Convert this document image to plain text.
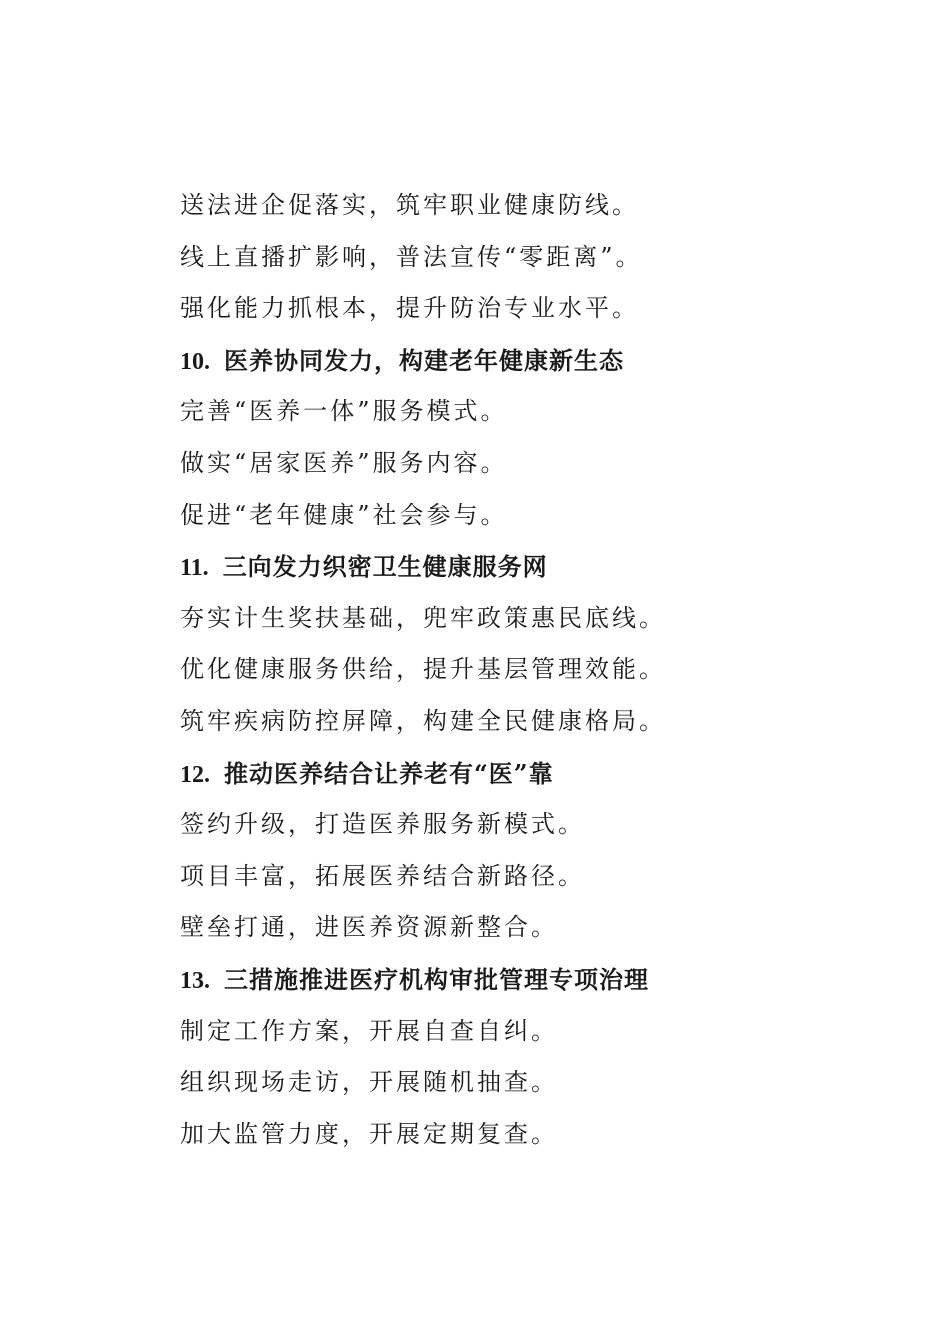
送法进企促落实，筑牢职业健康防线。
线上直播扩影响，普法宣传“零距离”。
强化能力抓根本，提升防治专业水平。
10. 医养协同发力，构建老年健康新生态
完善“医养一体”服务模式。
做实“居家医养”服务内容。
促进“老年健康”社会参与。
11. 三向发力织密卫生健康服务网
夯实计生奖扶基础，兜牢政策惠民底线。
优化健康服务供给，提升基层管理效能。
筑牢疾病防控屏障，构建全民健康格局。
12. 推动医养结合让养老有“医”靠
签约升级，打造医养服务新模式。
项目丰富，拓展医养结合新路径。
壁垒打通，进医养资源新整合。
13. 三措施推进医疗机构审批管理专项治理
制定工作方案，开展自查自纠。
组织现场走访，开展随机抽查。
加大监管力度，开展定期复查。
